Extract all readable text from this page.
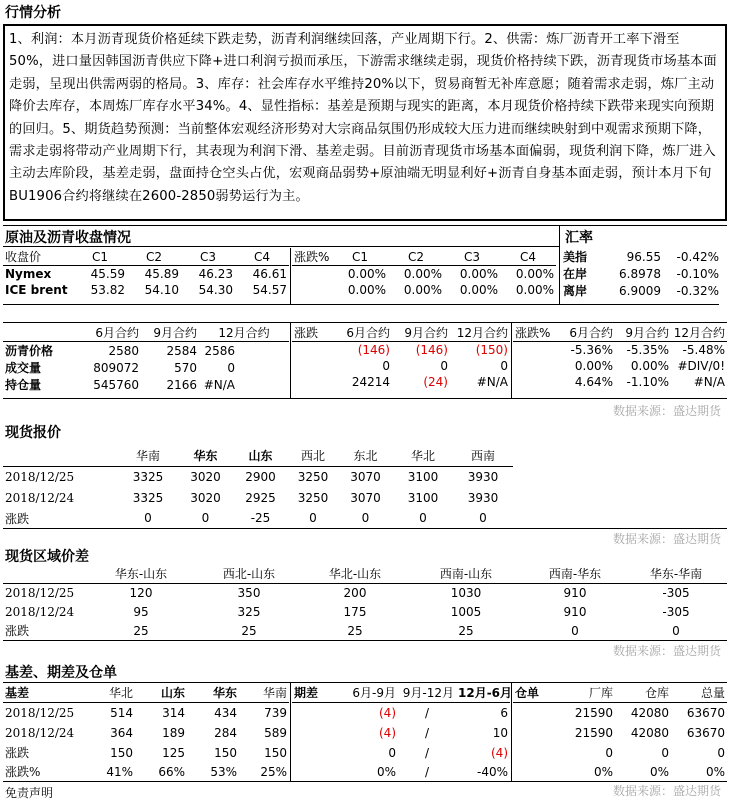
行情分析
1、利润：本月沥青现货价格延续下跌走势，沥青利润继续回落，产业周期下行。2、供需：炼厂沥青开工率下滑至50%，进口量因韩国沥青供应下降+进口利润亏损而承压，下游需求继续走弱，现货价格持续下跌，沥青现货市场基本面走弱，呈现出供需两弱的格局。3、库存：社会库存水平维持20%以下，贸易商暂无补库意愿；随着需求走弱，炼厂主动降价去库存，本周炼厂库存水平34%。4、显性指标：基差是预期与现实的距离，本月现货价格持续下跌带来现实向预期的回归。5、期货趋势预测：当前整体宏观经济形势对大宗商品氛围仍形成较大压力进而继续映射到中观需求预期下降，需求走弱将带动产业周期下行，其表现为利润下滑、基差走弱。目前沥青现货市场基本面偏弱，现货利润下降，炼厂进入主动去库阶段，基差走弱，盘面持仓空头占优，宏观商品弱势+原油端无明显利好+沥青自身基本面走弱，预计本月下旬BU1906合约将继续在2600-2850弱势运行为主。
原油及沥青收盘情况	汇率
收盘价	C1	C2	C3	C4
Nymex	45.59	45.89	46.23	46.61
ICE brent	53.82	54.10	54.30	54.57
涨跌%	C1	C2	C3	C4
	0.00%	0.00%	0.00%	0.00%
	0.00%	0.00%	0.00%	0.00%
美指	96.55	-0.42%
在岸	6.8978	-0.10%
离岸	6.9009	-0.32%
	6月合约	9月合约	12月合约
沥青价格	2580	2584	2586
成交量	809072	570	0
持仓量	545760	2166	#N/A
涨跌	6月合约	9月合约	12月合约
	(146)	(146)	(150)
	0	0	0
	24214	(24)	#N/A
涨跌%	6月合约	9月合约	12月合约
	-5.36%	-5.35%	-5.48%
	0.00%	0.00%	#DIV/0!
	4.64%	-1.10%	#N/A
数据来源：盛达期货
现货报价
	华南	华东	山东	西北	东北	华北	西南
2018/12/25	3325	3020	2900	3250	3070	3100	3930
2018/12/24	3325	3020	2925	3250	3070	3100	3930
涨跌	0	0	-25	0	0	0	0
数据来源：盛达期货
现货区域价差
	华东-山东	西北-山东	华北-山东	西南-山东	西南-华东	华东-华南
2018/12/25	120	350	200	1030	910	-305
2018/12/24	95	325	175	1005	910	-305
涨跌	25	25	25	25	0	0
数据来源：盛达期货
基差、期差及仓单
基差	华北	山东	华东	华南
2018/12/25	514	314	434	739
2018/12/24	364	189	284	589
涨跌	150	125	150	150
涨跌%	41%	66%	53%	25%
期差	6月-9月	9月-12月	12月-6月
	(4)	/	6
	(4)	/	10
	0	/	(4)
	0%	/	-40%
仓单	厂库	仓库	总量
	21590	42080	63670
	21590	42080	63670
	0	0	0
	0%	0%	0%
数据来源：盛达期货
免责声明
